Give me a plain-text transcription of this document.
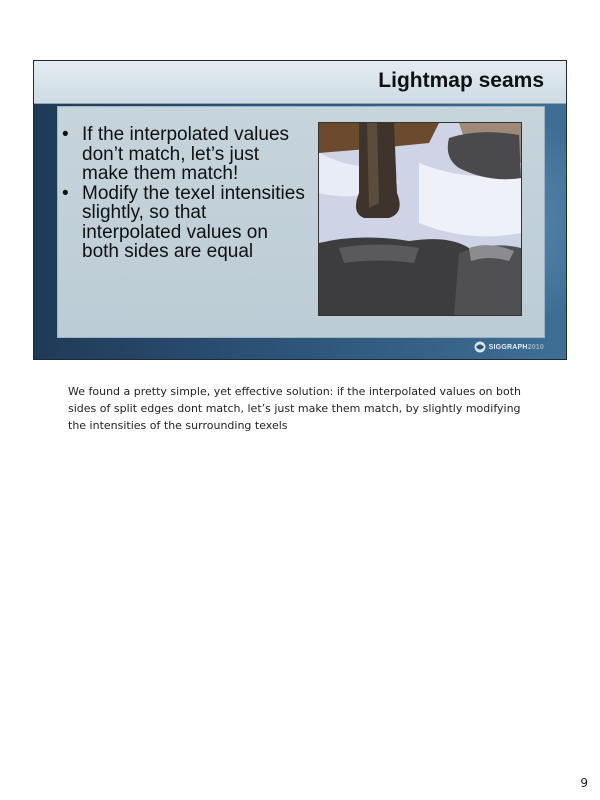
Lightmap seams
• If the interpolated values don’t match, let’s just make them match!
• Modify the texel intensities slightly, so that interpolated values on both sides are equal
SIGGRAPH2010

We found a pretty simple, yet effective solution: if the interpolated values on both sides of split edges dont match, let’s just make them match, by slightly modifying the intensities of the surrounding texels

9
